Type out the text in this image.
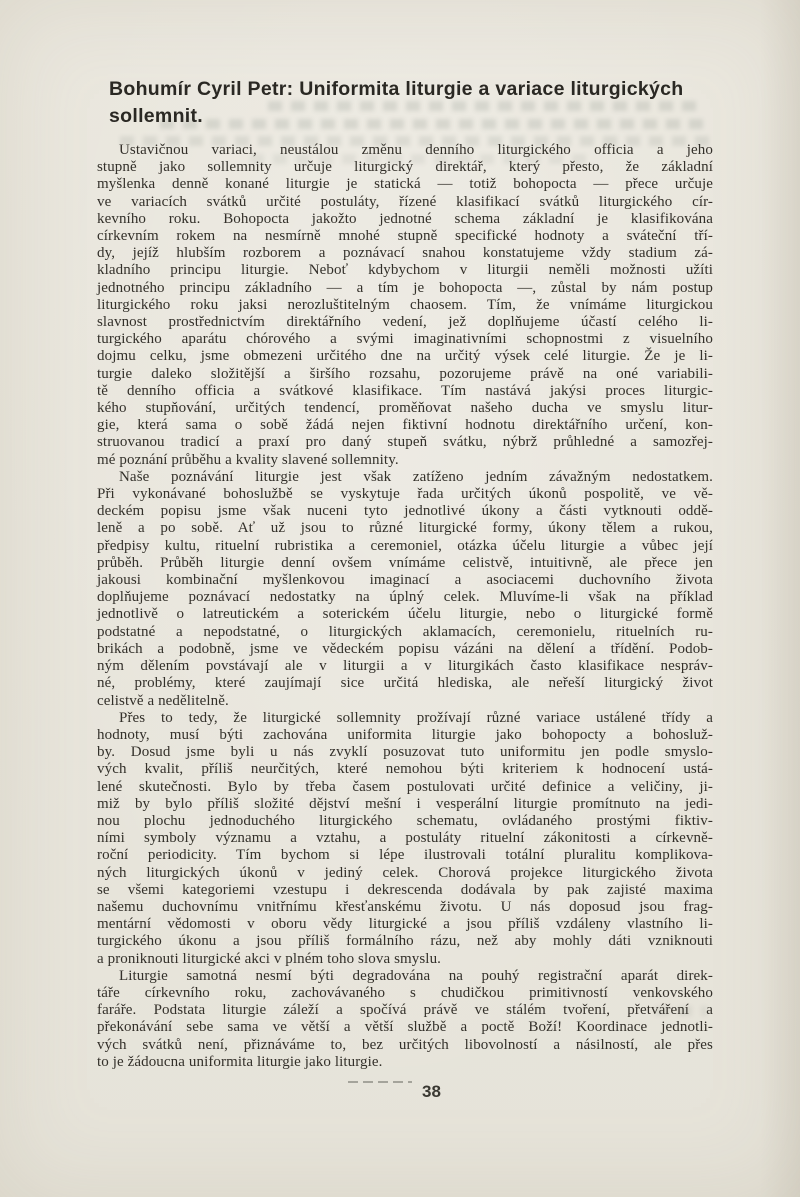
Bohumír Cyril Petr: Uniformita liturgie a variace liturgických sollemnit.
Ustavičnou variaci, neustálou změnu denního liturgického officia a jeho
stupně jako sollemnity určuje liturgický direktář, který přesto, že základní
myšlenka denně konané liturgie je statická — totiž bohopocta — přece určuje
ve variacích svátků určité postuláty, řízené klasifikací svátků liturgického cír-
kevního roku. Bohopocta jakožto jednotné schema základní je klasifikována
církevním rokem na nesmírně mnohé stupně specifické hodnoty a sváteční tří-
dy, jejíž hlubším rozborem a poznávací snahou konstatujeme vždy stadium zá-
kladního principu liturgie. Neboť kdybychom v liturgii neměli možnosti užíti
jednotného principu základního — a tím je bohopocta —, zůstal by nám postup
liturgického roku jaksi nerozluštitelným chaosem. Tím, že vnímáme liturgickou
slavnost prostřednictvím direktářního vedení, jež doplňujeme účastí celého li-
turgického aparátu chórového a svými imaginativními schopnostmi z visuelního
dojmu celku, jsme obmezeni určitého dne na určitý výsek celé liturgie. Že je li-
turgie daleko složitější a širšího rozsahu, pozorujeme právě na oné variabili-
tě denního officia a svátkové klasifikace. Tím nastává jakýsi proces liturgic-
kého stupňování, určitých tendencí, proměňovat našeho ducha ve smyslu litur-
gie, která sama o sobě žádá nejen fiktivní hodnotu direktářního určení, kon-
struovanou tradicí a praxí pro daný stupeň svátku, nýbrž průhledné a samozřej-
mé poznání průběhu a kvality slavené sollemnity.
Naše poznávání liturgie jest však zatíženo jedním závažným nedostatkem.
Při vykonávané bohoslužbě se vyskytuje řada určitých úkonů pospolitě, ve vě-
deckém popisu jsme však nuceni tyto jednotlivé úkony a části vytknouti oddě-
leně a po sobě. Ať už jsou to různé liturgické formy, úkony tělem a rukou,
předpisy kultu, rituelní rubristika a ceremoniel, otázka účelu liturgie a vůbec její
průběh. Průběh liturgie denní ovšem vnímáme celistvě, intuitivně, ale přece jen
jakousi kombinační myšlenkovou imaginací a asociacemi duchovního života
doplňujeme poznávací nedostatky na úplný celek. Mluvíme-li však na příklad
jednotlivě o latreutickém a soterickém účelu liturgie, nebo o liturgické formě
podstatné a nepodstatné, o liturgických aklamacích, ceremonielu, rituelních ru-
brikách a podobně, jsme ve vědeckém popisu vázáni na dělení a třídění. Podob-
ným dělením povstávají ale v liturgii a v liturgikách často klasifikace nespráv-
né, problémy, které zaujímají sice určitá hlediska, ale neřeší liturgický život
celistvě a nedělitelně.
Přes to tedy, že liturgické sollemnity prožívají různé variace ustálené třídy a
hodnoty, musí býti zachována uniformita liturgie jako bohopocty a bohosluž-
by. Dosud jsme byli u nás zvyklí posuzovat tuto uniformitu jen podle smyslo-
vých kvalit, příliš neurčitých, které nemohou býti kriteriem k hodnocení ustá-
lené skutečnosti. Bylo by třeba časem postulovati určité definice a veličiny, ji-
miž by bylo příliš složité dějství mešní i vesperální liturgie promítnuto na jedi-
nou plochu jednoduchého liturgického schematu, ovládaného prostými fiktiv-
ními symboly významu a vztahu, a postuláty rituelní zákonitosti a církevně-
roční periodicity. Tím bychom si lépe ilustrovali totální pluralitu komplikova-
ných liturgických úkonů v jediný celek. Chorová projekce liturgického života
se všemi kategoriemi vzestupu i dekrescenda dodávala by pak zajisté maxima
našemu duchovnímu vnitřnímu křesťanskému životu. U nás doposud jsou frag-
mentární vědomosti v oboru vědy liturgické a jsou příliš vzdáleny vlastního li-
turgického úkonu a jsou příliš formálního rázu, než aby mohly dáti vzniknouti
a proniknouti liturgické akci v plném toho slova smyslu.
Liturgie samotná nesmí býti degradována na pouhý registrační aparát direk-
táře církevního roku, zachovávaného s chudičkou primitivností venkovského
faráře. Podstata liturgie záleží a spočívá právě ve stálém tvoření, přetváření a
překonávání sebe sama ve větší a větší službě a poctě Boží! Koordinace jednotli-
vých svátků není, přiznáváme to, bez určitých libovolností a násilností, ale přes
to je žádoucna uniformita liturgie jako liturgie.
38
